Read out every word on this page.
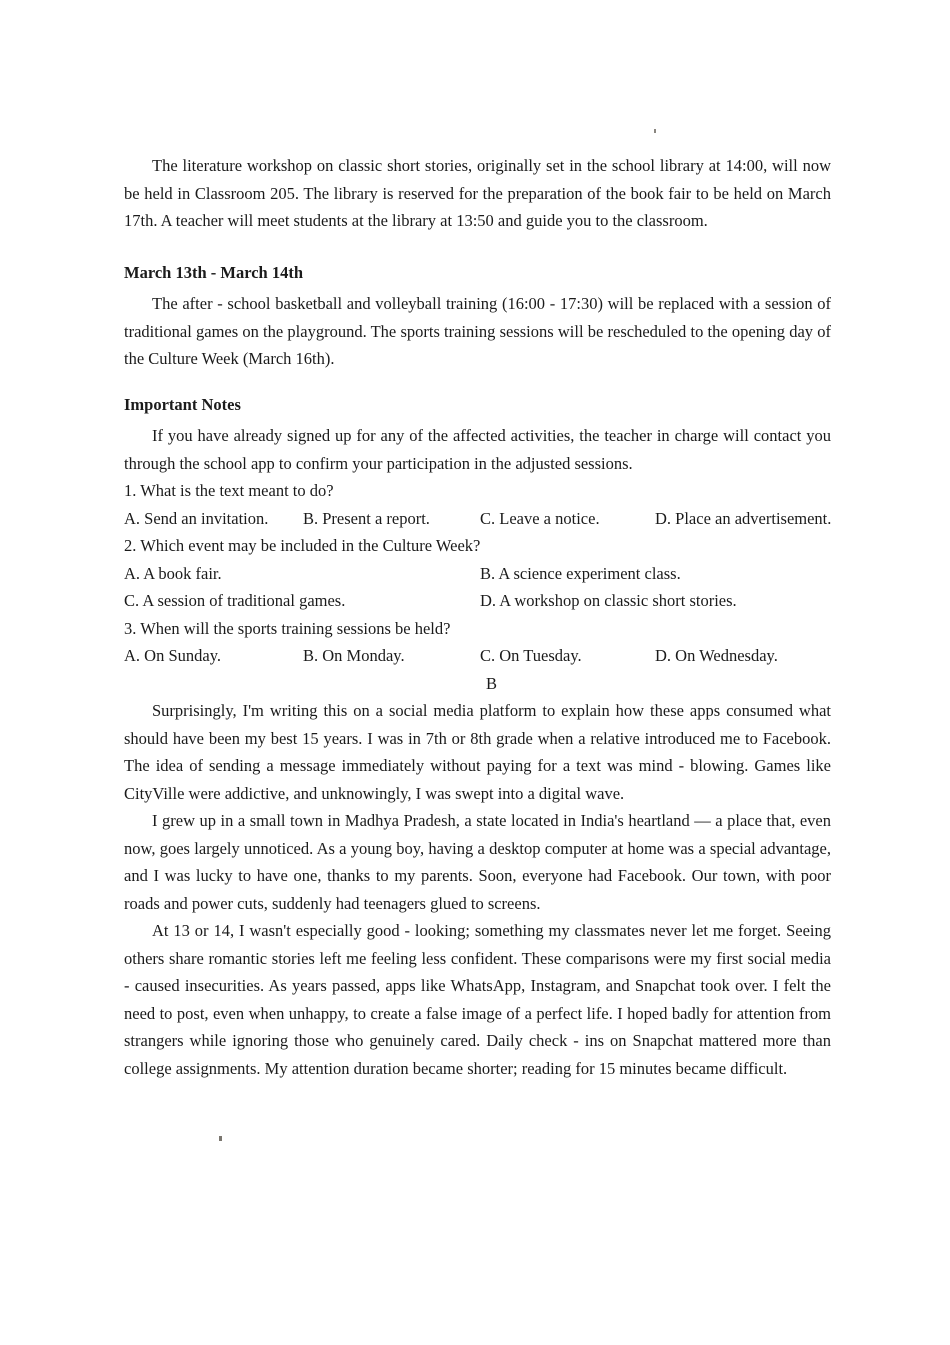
The literature workshop on classic short stories, originally set in the school library at 14:00, will now be held in Classroom 205. The library is reserved for the preparation of the book fair to be held on March 17th. A teacher will meet students at the library at 13:50 and guide you to the classroom.

March 13th - March 14th

The after - school basketball and volleyball training (16:00 - 17:30) will be replaced with a session of traditional games on the playground. The sports training sessions will be rescheduled to the opening day of the Culture Week (March 16th).

Important Notes

If you have already signed up for any of the affected activities, the teacher in charge will contact you through the school app to confirm your participation in the adjusted sessions.

1. What is the text meant to do?

A. Send an invitation. B. Present a report.	C. Leave a notice.	D. Place an advertisement.

2. Which event may be included in the Culture Week?

A. A book fair.	B. A science experiment class.

C. A session of traditional games.	D. A workshop on classic short stories.

3. When will the sports training sessions be held?

A. On Sunday.	B. On Monday.	C. On Tuesday.	D. On Wednesday.

B

Surprisingly, I'm writing this on a social media platform to explain how these apps consumed what should have been my best 15 years. I was in 7th or 8th grade when a relative introduced me to Facebook. The idea of sending a message immediately without paying for a text was mind - blowing. Games like CityVille were addictive, and unknowingly, I was swept into a digital wave.

I grew up in a small town in Madhya Pradesh, a state located in India's heartland — a place that, even now, goes largely unnoticed. As a young boy, having a desktop computer at home was a special advantage, and I was lucky to have one, thanks to my parents. Soon, everyone had Facebook. Our town, with poor roads and power cuts, suddenly had teenagers glued to screens.

At 13 or 14, I wasn't especially good - looking; something my classmates never let me forget. Seeing others share romantic stories left me feeling less confident. These comparisons were my first social media - caused insecurities. As years passed, apps like WhatsApp, Instagram, and Snapchat took over. I felt the need to post, even when unhappy, to create a false image of a perfect life. I hoped badly for attention from strangers while ignoring those who genuinely cared. Daily check - ins on Snapchat mattered more than college assignments. My attention duration became shorter; reading for 15 minutes became difficult.
